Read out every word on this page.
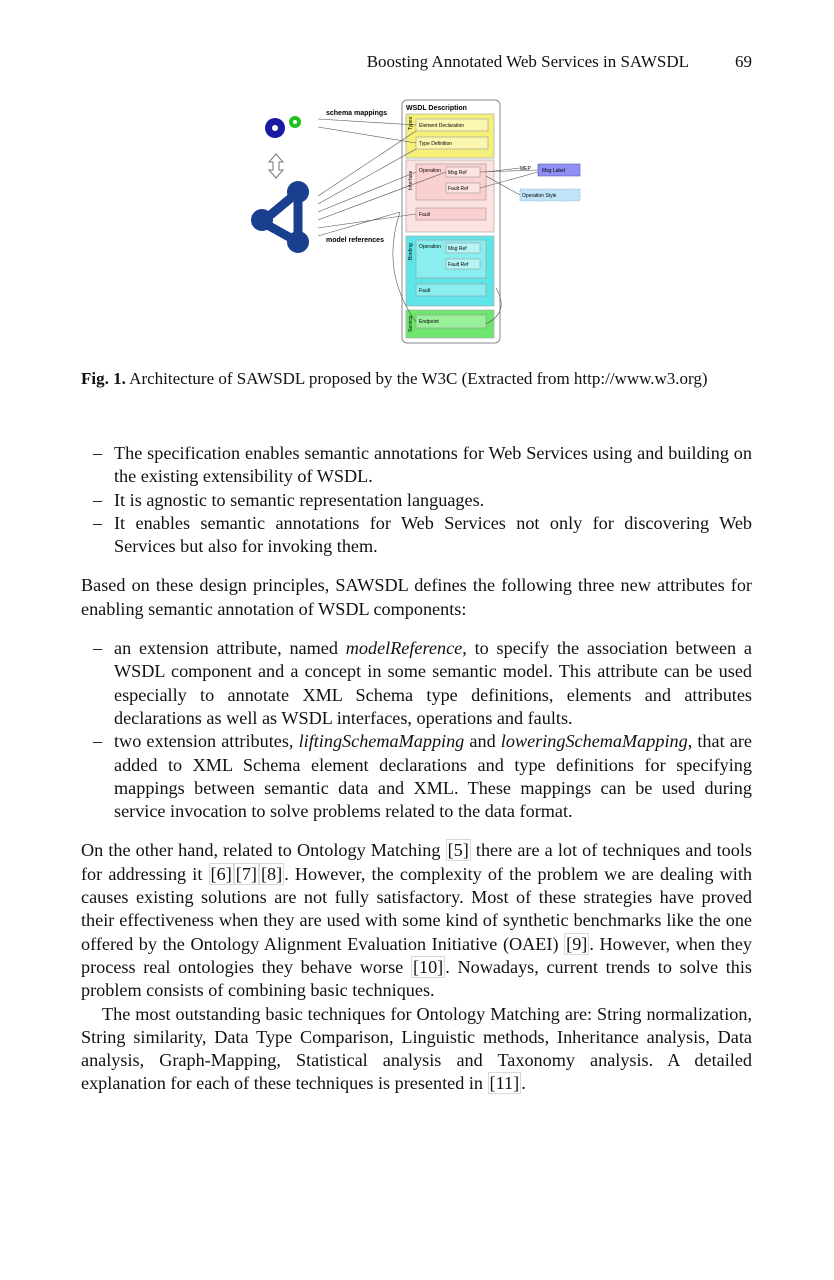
Boosting Annotated Web Services in SAWSDL	69
schema mappings
model references
WSDL Description
Types Element Declaration
Type Definition
Interface Operation Msg Ref
Fault Ref
Fault
Binding Operation Msg Ref
Fault Ref
Fault
Service Endpoint
Msg Label
MEP
Operation Style
Fig. 1. Architecture of SAWSDL proposed by the W3C (Extracted from http://www.w3.org)
– The specification enables semantic annotations for Web Services using and building on the existing extensibility of WSDL.
– It is agnostic to semantic representation languages.
– It enables semantic annotations for Web Services not only for discovering Web Services but also for invoking them.

Based on these design principles, SAWSDL defines the following three new attributes for enabling semantic annotation of WSDL components:

– an extension attribute, named modelReference, to specify the association between a WSDL component and a concept in some semantic model. This attribute can be used especially to annotate XML Schema type definitions, elements and attributes declarations as well as WSDL interfaces, operations and faults.
– two extension attributes, liftingSchemaMapping and loweringSchemaMapping, that are added to XML Schema element declarations and type definitions for specifying mappings between semantic data and XML. These mappings can be used during service invocation to solve problems related to the data format.

On the other hand, related to Ontology Matching [5] there are a lot of techniques and tools for addressing it [6] [7] [8] . However, the complexity of the problem we are dealing with causes existing solutions are not fully satisfactory. Most of these strategies have proved their effectiveness when they are used with some kind of synthetic benchmarks like the one offered by the Ontology Alignment Evaluation Initiative (OAEI) [9] . However, when they process real ontologies they behave worse [10] . Nowadays, current trends to solve this problem consists of combining basic techniques.

The most outstanding basic techniques for Ontology Matching are: String normalization, String similarity, Data Type Comparison, Linguistic methods, Inheritance analysis, Data analysis, Graph-Mapping, Statistical analysis and Taxonomy analysis. A detailed explanation for each of these techniques is presented in [11] .
